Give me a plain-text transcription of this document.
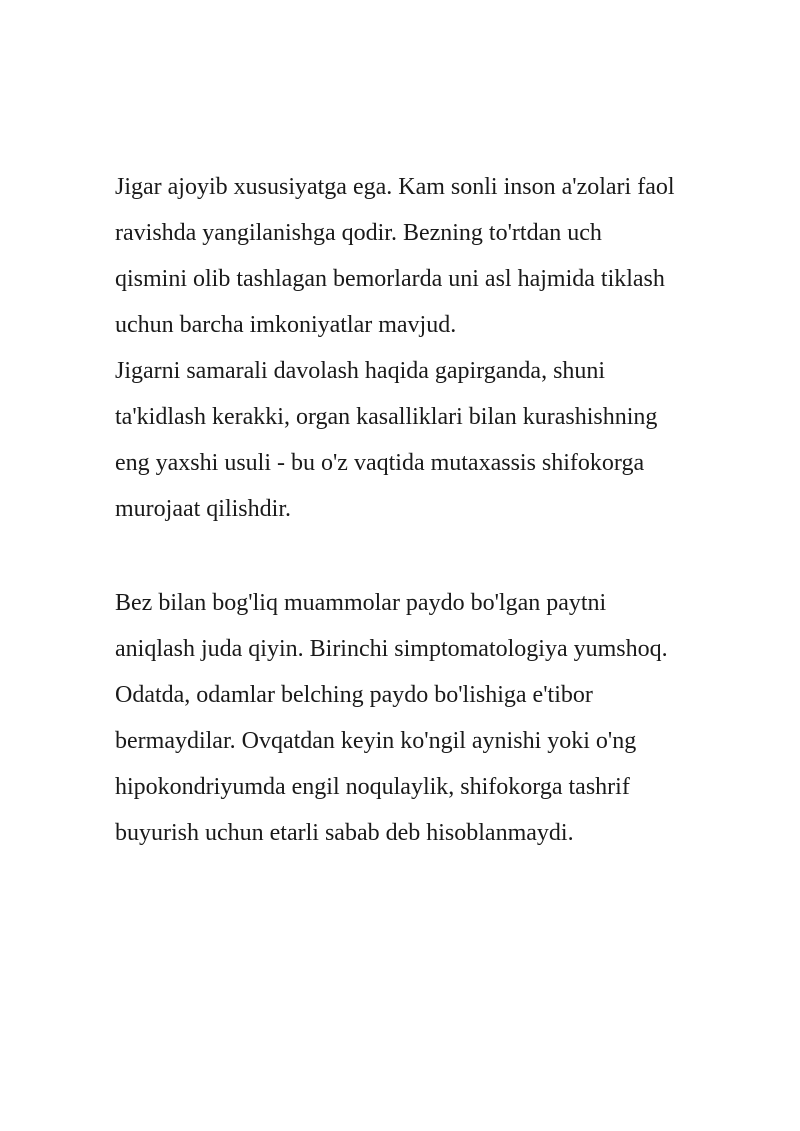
Jigar ajoyib xususiyatga ega. Kam sonli inson a'zolari faol
ravishda yangilanishga qodir. Bezning to'rtdan uch
qismini olib tashlagan bemorlarda uni asl hajmida tiklash
uchun barcha imkoniyatlar mavjud.
Jigarni samarali davolash haqida gapirganda, shuni
ta'kidlash kerakki, organ kasalliklari bilan kurashishning
eng yaxshi usuli - bu o'z vaqtida mutaxassis shifokorga
murojaat qilishdir.
Bez bilan bog'liq muammolar paydo bo'lgan paytni
aniqlash juda qiyin. Birinchi simptomatologiya yumshoq.
Odatda, odamlar belching paydo bo'lishiga e'tibor
bermaydilar. Ovqatdan keyin ko'ngil aynishi yoki o'ng
hipokondriyumda engil noqulaylik, shifokorga tashrif
buyurish uchun etarli sabab deb hisoblanmaydi.
